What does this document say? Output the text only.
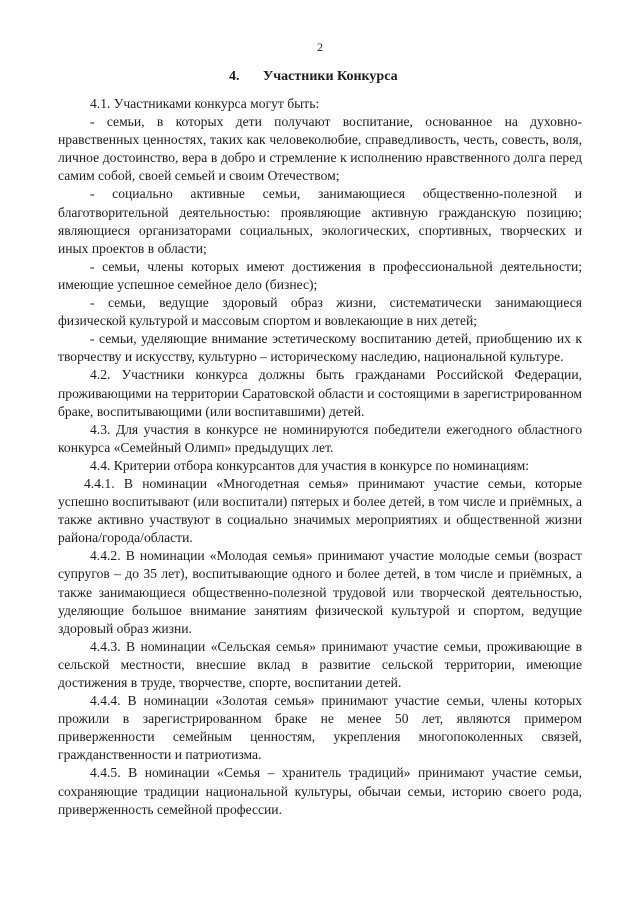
2
4. Участники Конкурса

4.1. Участниками конкурса могут быть:

- семьи, в которых дети получают воспитание, основанное на духовно-нравственных ценностях, таких как человеколюбие, справедливость, честь, совесть, воля, личное достоинство, вера в добро и стремление к исполнению нравственного долга перед самим собой, своей семьей и своим Отечеством;

- социально активные семьи, занимающиеся общественно-полезной и благотворительной деятельностью: проявляющие активную гражданскую позицию; являющиеся организаторами социальных, экологических, спортивных, творческих и иных проектов в области;

- семьи, члены которых имеют достижения в профессиональной деятельности; имеющие успешное семейное дело (бизнес);

- семьи, ведущие здоровый образ жизни, систематически занимающиеся физической культурой и массовым спортом и вовлекающие в них детей;

- семьи, уделяющие внимание эстетическому воспитанию детей, приобщению их к творчеству и искусству, культурно – историческому наследию, национальной культуре.

4.2. Участники конкурса должны быть гражданами Российской Федерации, проживающими на территории Саратовской области и состоящими в зарегистрированном браке, воспитывающими (или воспитавшими) детей.

4.3. Для участия в конкурсе не номинируются победители ежегодного областного конкурса «Семейный Олимп» предыдущих лет.

4.4. Критерии отбора конкурсантов для участия в конкурсе по номинациям:

4.4.1. В номинации «Многодетная семья» принимают участие семьи, которые успешно воспитывают (или воспитали) пятерых и более детей, в том числе и приёмных, а также активно участвуют в социально значимых мероприятиях и общественной жизни района/города/области.

4.4.2. В номинации «Молодая семья» принимают участие молодые семьи (возраст супругов – до 35 лет), воспитывающие одного и более детей, в том числе и приёмных, а также занимающиеся общественно-полезной трудовой или творческой деятельностью, уделяющие большое внимание занятиям физической культурой и спортом, ведущие здоровый образ жизни.

4.4.3. В номинации «Сельская семья» принимают участие семьи, проживающие в сельской местности, внесшие вклад в развитие сельской территории, имеющие достижения в труде, творчестве, спорте, воспитании детей.

4.4.4. В номинации «Золотая семья» принимают участие семьи, члены которых прожили в зарегистрированном браке не менее 50 лет, являются примером приверженности семейным ценностям, укрепления многопоколенных связей, гражданственности и патриотизма.

4.4.5. В номинации «Семья – хранитель традиций» принимают участие семьи, сохраняющие традиции национальной культуры, обычаи семьи, историю своего рода, приверженность семейной профессии.
